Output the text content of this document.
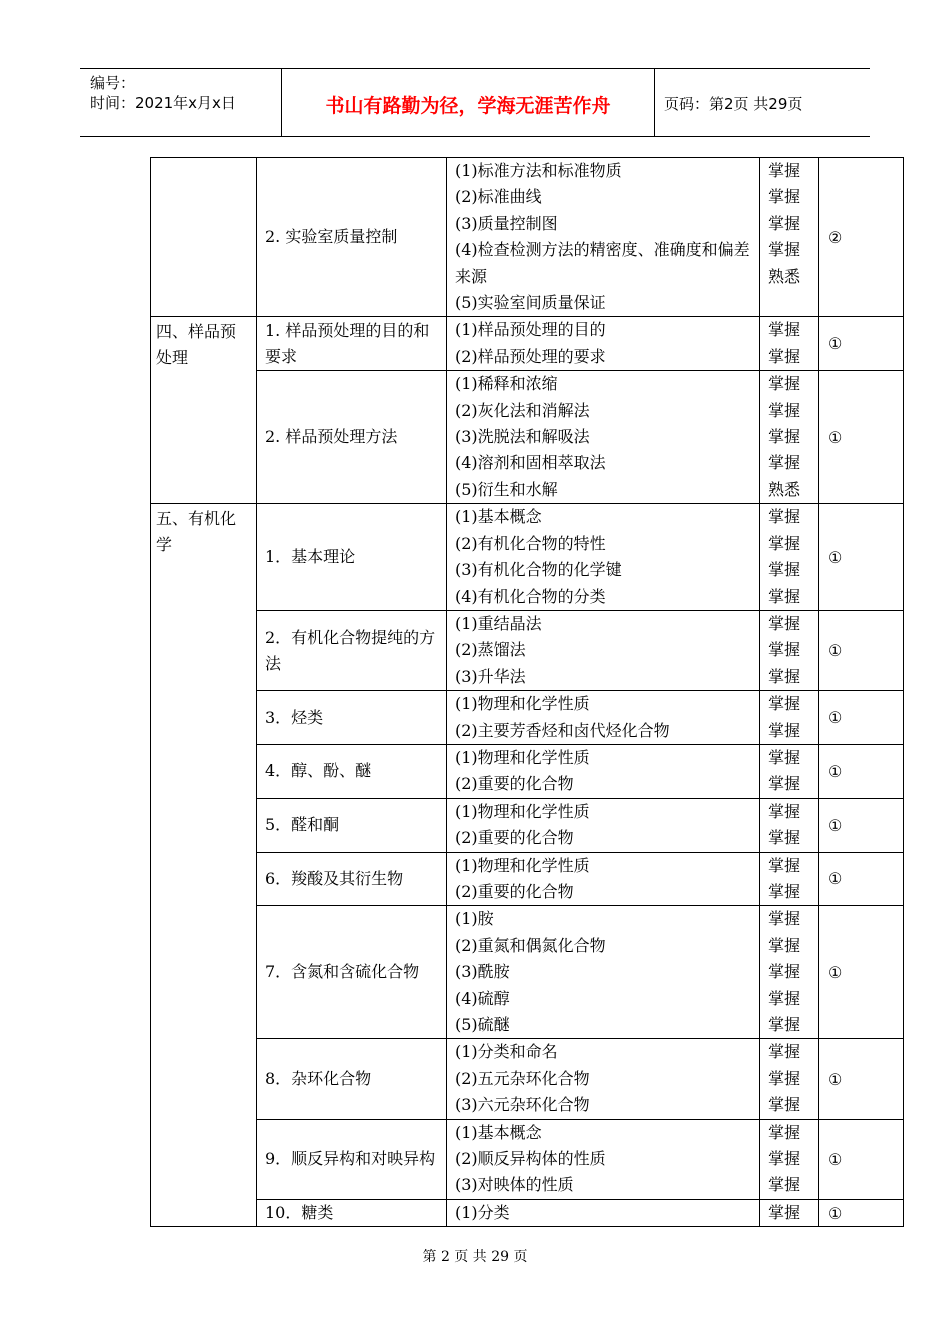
编号：
时间：2021年x月x日	书山有路勤为径，学海无涯苦作舟	页码：第2页 共29页
	2. 实验室质量控制	(1)标准方法和标准物质
(2)标准曲线
(3)质量控制图
(4)检查检测方法的精密度、准确度和偏差来源
(5)实验室间质量保证	掌握
掌握
掌握
掌握
熟悉	②
四、样品预处理	1. 样品预处理的目的和要求	(1)样品预处理的目的
(2)样品预处理的要求	掌握
掌握	①
	2. 样品预处理方法	(1)稀释和浓缩
(2)灰化法和消解法
(3)洗脱法和解吸法
(4)溶剂和固相萃取法
(5)衍生和水解	掌握
掌握
掌握
掌握
熟悉	①
五、有机化学	1．基本理论	(1)基本概念
(2)有机化合物的特性
(3)有机化合物的化学键
(4)有机化合物的分类	掌握
掌握
掌握
掌握	①
	2．有机化合物提纯的方法	(1)重结晶法
(2)蒸馏法
(3)升华法	掌握
掌握
掌握	①
	3．烃类	(1)物理和化学性质
(2)主要芳香烃和卤代烃化合物	掌握
掌握	①
	4．醇、酚、醚	(1)物理和化学性质
(2)重要的化合物	掌握
掌握	①
	5．醛和酮	(1)物理和化学性质
(2)重要的化合物	掌握
掌握	①
	6．羧酸及其衍生物	(1)物理和化学性质
(2)重要的化合物	掌握
掌握	①
	7．含氮和含硫化合物	(1)胺
(2)重氮和偶氮化合物
(3)酰胺
(4)硫醇
(5)硫醚	掌握
掌握
掌握
掌握
掌握	①
	8．杂环化合物	(1)分类和命名
(2)五元杂环化合物
(3)六元杂环化合物	掌握
掌握
掌握	①
	9．顺反异构和对映异构	(1)基本概念
(2)顺反异构体的性质
(3)对映体的性质	掌握
掌握
掌握	①
	10．糖类	(1)分类	掌握	①
第 2 页 共 29 页
